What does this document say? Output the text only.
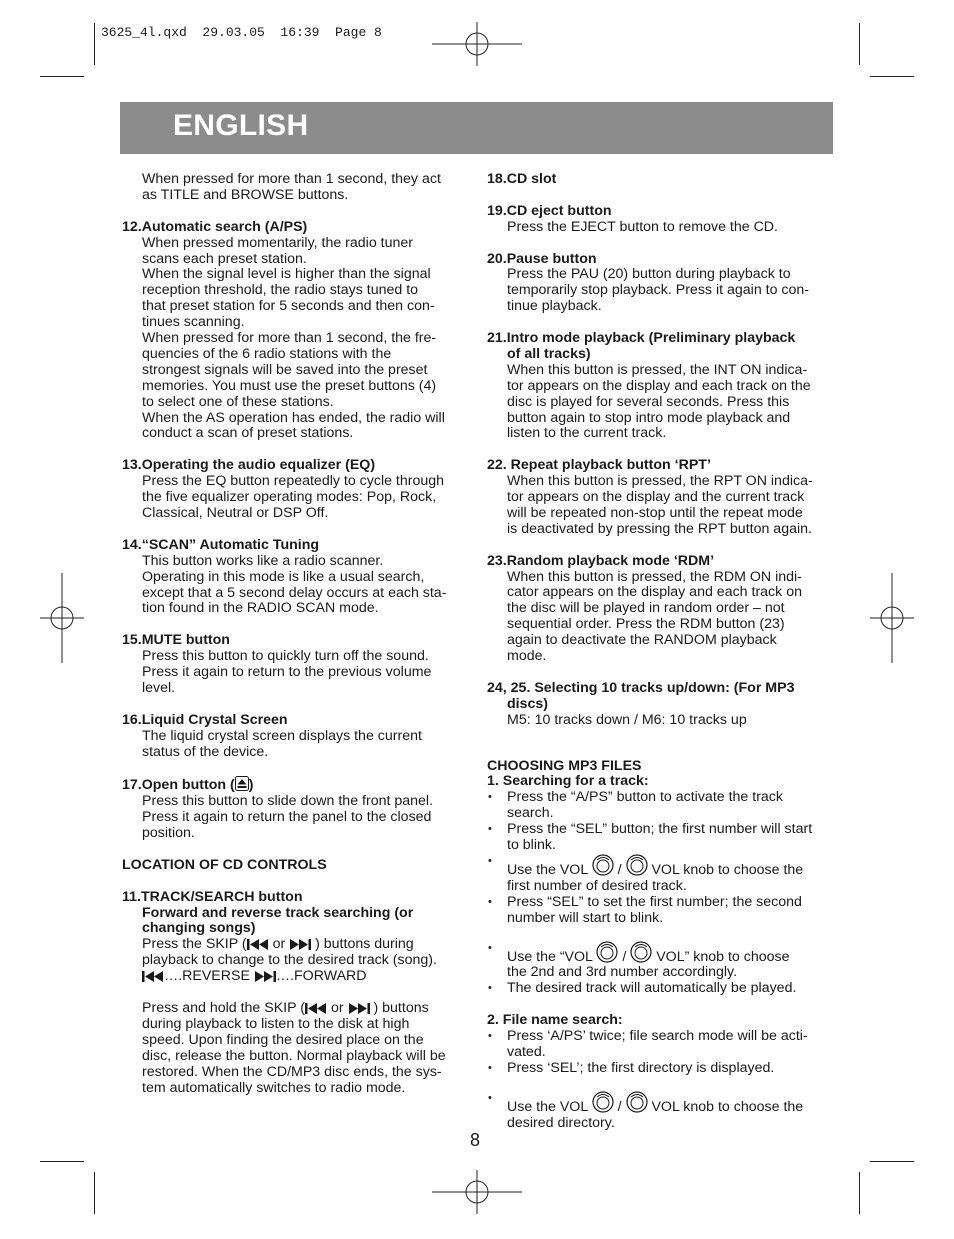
3625_4l.qxd  29.03.05  16:39  Page 8
ENGLISH
When pressed for more than 1 second, they act
as TITLE and BROWSE buttons.
12.Automatic search (A/PS)
When pressed momentarily, the radio tuner
scans each preset station.
When the signal level is higher than the signal
reception threshold, the radio stays tuned to
that preset station for 5 seconds and then con-
tinues scanning.
When pressed for more than 1 second, the fre-
quencies of the 6 radio stations with the
strongest signals will be saved into the preset
memories. You must use the preset buttons (4)
to select one of these stations.
When the AS operation has ended, the radio will
conduct a scan of preset stations.
13.Operating the audio equalizer (EQ)
Press the EQ button repeatedly to cycle through
the five equalizer operating modes: Pop, Rock,
Classical, Neutral or DSP Off.
14.“SCAN” Automatic Tuning
This button works like a radio scanner.
Operating in this mode is like a usual search,
except that a 5 second delay occurs at each sta-
tion found in the RADIO SCAN mode.
15.MUTE button
Press this button to quickly turn off the sound.
Press it again to return to the previous volume
level.
16.Liquid Crystal Screen
The liquid crystal screen displays the current
status of the device.
17.Open button ( )
Press this button to slide down the front panel.
Press it again to return the panel to the closed
position.
LOCATION OF CD CONTROLS
11.TRACK/SEARCH button
Forward and reverse track searching (or
changing songs)
Press the SKIP ( or ) buttons during
playback to change to the desired track (song).
….REVERSE ….FORWARD
Press and hold the SKIP ( or ) buttons
during playback to listen to the disk at high
speed. Upon finding the desired place on the
disc, release the button. Normal playback will be
restored. When the CD/MP3 disc ends, the sys-
tem automatically switches to radio mode.
18.CD slot
19.CD eject button
Press the EJECT button to remove the CD.
20.Pause button
Press the PAU (20) button during playback to
temporarily stop playback. Press it again to con-
tinue playback.
21.Intro mode playback (Preliminary playback
of all tracks)
When this button is pressed, the INT ON indica-
tor appears on the display and each track on the
disc is played for several seconds. Press this
button again to stop intro mode playback and
listen to the current track.
22. Repeat playback button ‘RPT’
When this button is pressed, the RPT ON indica-
tor appears on the display and the current track
will be repeated non-stop until the repeat mode
is deactivated by pressing the RPT button again.
23.Random playback mode ‘RDM’
When this button is pressed, the RDM ON indi-
cator appears on the display and each track on
the disc will be played in random order – not
sequential order. Press the RDM button (23)
again to deactivate the RANDOM playback
mode.
24, 25. Selecting 10 tracks up/down: (For MP3
discs)
M5: 10 tracks down / M6: 10 tracks up
CHOOSING MP3 FILES
1. Searching for a track:
• Press the “A/PS” button to activate the track
search.
• Press the “SEL” button; the first number will start
to blink.
• Use the VOL / VOL knob to choose the
first number of desired track.
• Press “SEL” to set the first number; the second
number will start to blink.
• Use the “VOL / VOL” knob to choose
the 2nd and 3rd number accordingly.
• The desired track will automatically be played.
2. File name search:
• Press ‘A/PS’ twice; file search mode will be acti-
vated.
• Press ‘SEL’; the first directory is displayed.
• Use the VOL / VOL knob to choose the
desired directory.
8
